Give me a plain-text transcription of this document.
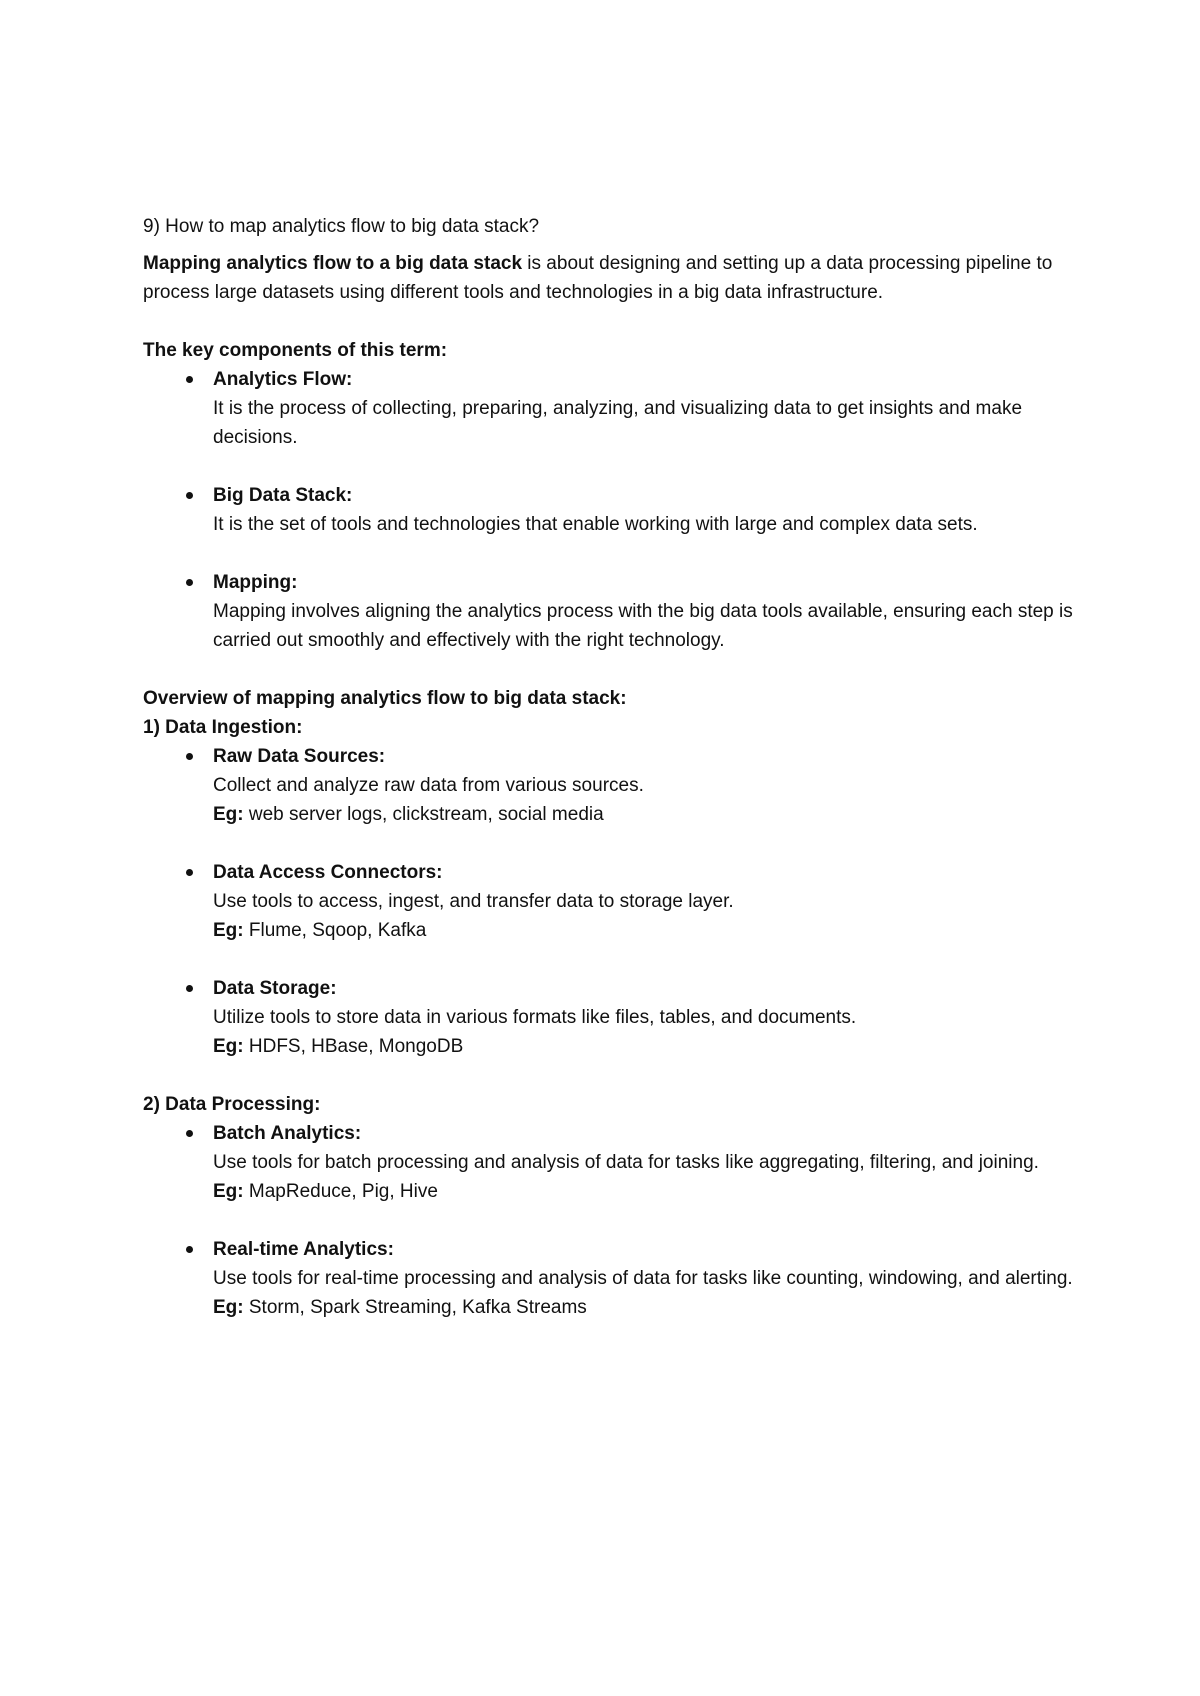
9) How to map analytics flow to big data stack?

Mapping analytics flow to a big data stack is about designing and setting up a data processing pipeline to process large datasets using different tools and technologies in a big data infrastructure.

The key components of this term:

Analytics Flow:
It is the process of collecting, preparing, analyzing, and visualizing data to get insights and make decisions.
Big Data Stack:
It is the set of tools and technologies that enable working with large and complex data sets.
Mapping:
Mapping involves aligning the analytics process with the big data tools available, ensuring each step is carried out smoothly and effectively with the right technology.

Overview of mapping analytics flow to big data stack:

1) Data Ingestion:

Raw Data Sources:
Collect and analyze raw data from various sources.
Eg: web server logs, clickstream, social media
Data Access Connectors:
Use tools to access, ingest, and transfer data to storage layer.
Eg: Flume, Sqoop, Kafka
Data Storage:
Utilize tools to store data in various formats like files, tables, and documents.
Eg: HDFS, HBase, MongoDB

2) Data Processing:

Batch Analytics:
Use tools for batch processing and analysis of data for tasks like aggregating, filtering, and joining.
Eg: MapReduce, Pig, Hive
Real-time Analytics:
Use tools for real-time processing and analysis of data for tasks like counting, windowing, and alerting.
Eg: Storm, Spark Streaming, Kafka Streams
